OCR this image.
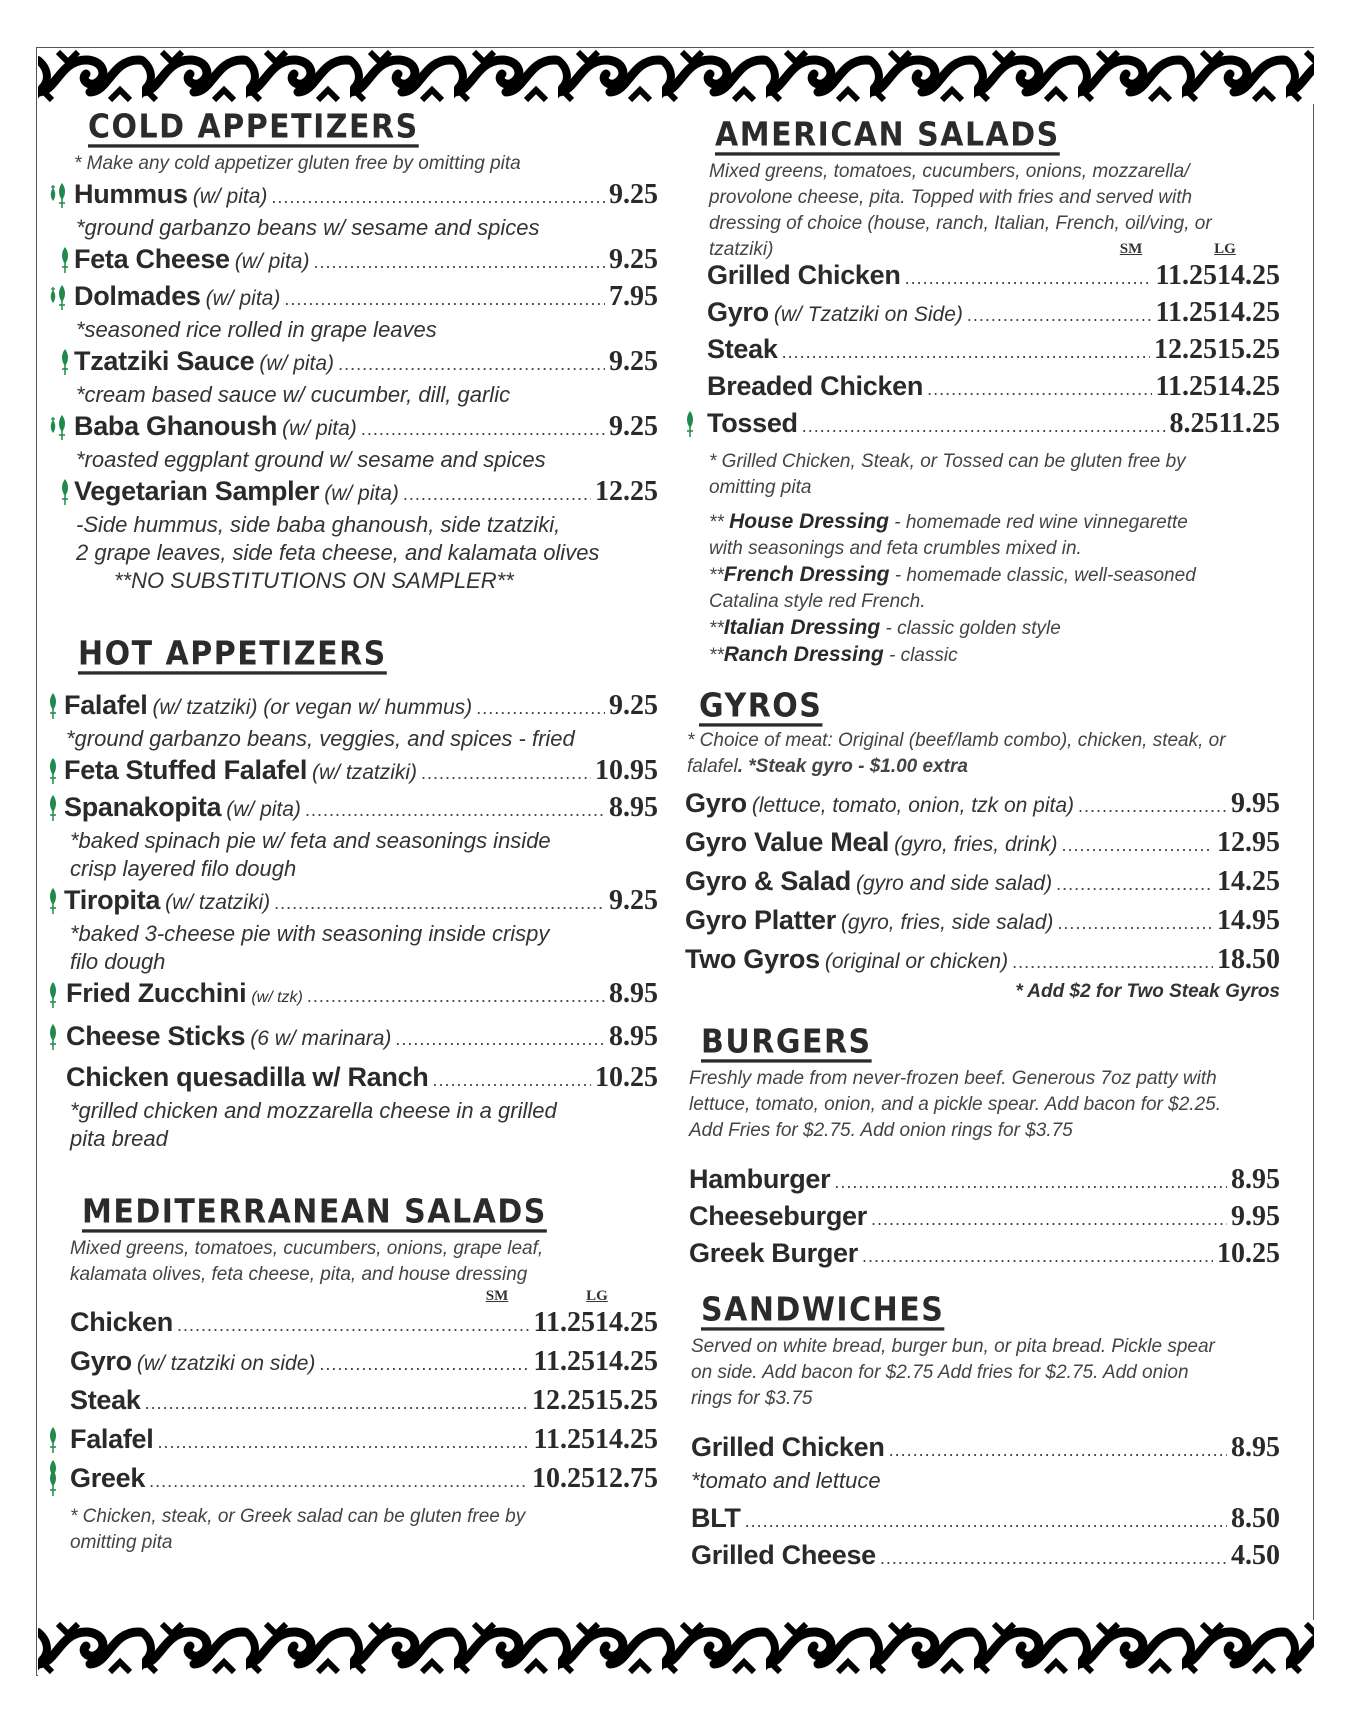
COLD APPETIZERS
* Make any cold appetizer gluten free by omitting pita
Hummus (w/ pita) .....	9.25
*ground garbanzo beans w/ sesame and spices
Feta Cheese (w/ pita) .....	9.25
Dolmades (w/ pita) .....	7.95
*seasoned rice rolled in grape leaves
Tzatziki Sauce (w/ pita) .....	9.25
*cream based sauce w/ cucumber, dill, garlic
Baba Ghanoush (w/ pita) .....	9.25
*roasted eggplant ground w/ sesame and spices
Vegetarian Sampler (w/ pita) .....	12.25
-Side hummus, side baba ghanoush, side tzatziki,
2 grape leaves, side feta cheese, and kalamata olives
**NO SUBSTITUTIONS ON SAMPLER**
HOT APPETIZERS
Falafel (w/ tzatziki) (or vegan w/ hummus) .....	9.25
*ground garbanzo beans, veggies, and spices - fried
Feta Stuffed Falafel (w/ tzatziki) .....	10.95
Spanakopita (w/ pita) .....	8.95
*baked spinach pie w/ feta and seasonings inside
crisp layered filo dough
Tiropita (w/ tzatziki) .....	9.25
*baked 3-cheese pie with seasoning inside crispy
filo dough
Fried Zucchini (w/ tzk) .....	8.95
Cheese Sticks (6 w/ marinara) .....	8.95
Chicken quesadilla w/ Ranch .....	10.25
*grilled chicken and mozzarella cheese in a grilled
pita bread
MEDITERRANEAN SALADS
Mixed greens, tomatoes, cucumbers, onions, grape leaf, kalamata olives, feta cheese, pita, and house dressing
SM	LG
Chicken .....	11.25 14.25
Gyro (w/ tzatziki on side) .....	11.25 14.25
Steak .....	12.25 15.25
Falafel .....	11.25 14.25
Greek .....	10.25 12.75
* Chicken, steak, or Greek salad can be gluten free by omitting pita
AMERICAN SALADS
Mixed greens, tomatoes, cucumbers, onions, mozzarella/ provolone cheese, pita. Topped with fries and served with dressing of choice (house, ranch, Italian, French, oil/ving, or tzatziki)	SM	LG
Grilled Chicken .....	11.25 14.25
Gyro (w/ Tzatziki on Side) .....	11.25 14.25
Steak .....	12.25 15.25
Breaded Chicken .....	11.25 14.25
Tossed .....	8.25 11.25
* Grilled Chicken, Steak, or Tossed can be gluten free by omitting pita
** House Dressing - homemade red wine vinnegarette with seasonings and feta crumbles mixed in.
**French Dressing - homemade classic, well-seasoned Catalina style red French.
**Italian Dressing - classic golden style
**Ranch Dressing - classic
GYROS
* Choice of meat: Original (beef/lamb combo), chicken, steak, or falafel. *Steak gyro - $1.00 extra
Gyro (lettuce, tomato, onion, tzk on pita) .....	9.95
Gyro Value Meal (gyro, fries, drink) .....	12.95
Gyro & Salad (gyro and side salad) .....	14.25
Gyro Platter (gyro, fries, side salad) .....	14.95
Two Gyros (original or chicken) .....	18.50
* Add $2 for Two Steak Gyros
BURGERS
Freshly made from never-frozen beef. Generous 7oz patty with lettuce, tomato, onion, and a pickle spear. Add bacon for $2.25. Add Fries for $2.75. Add onion rings for $3.75
Hamburger .....	8.95
Cheeseburger .....	9.95
Greek Burger .....	10.25
SANDWICHES
Served on white bread, burger bun, or pita bread. Pickle spear on side. Add bacon for $2.75 Add fries for $2.75. Add onion rings for $3.75
Grilled Chicken .....	8.95
*tomato and lettuce
BLT .....	8.50
Grilled Cheese .....	4.50
